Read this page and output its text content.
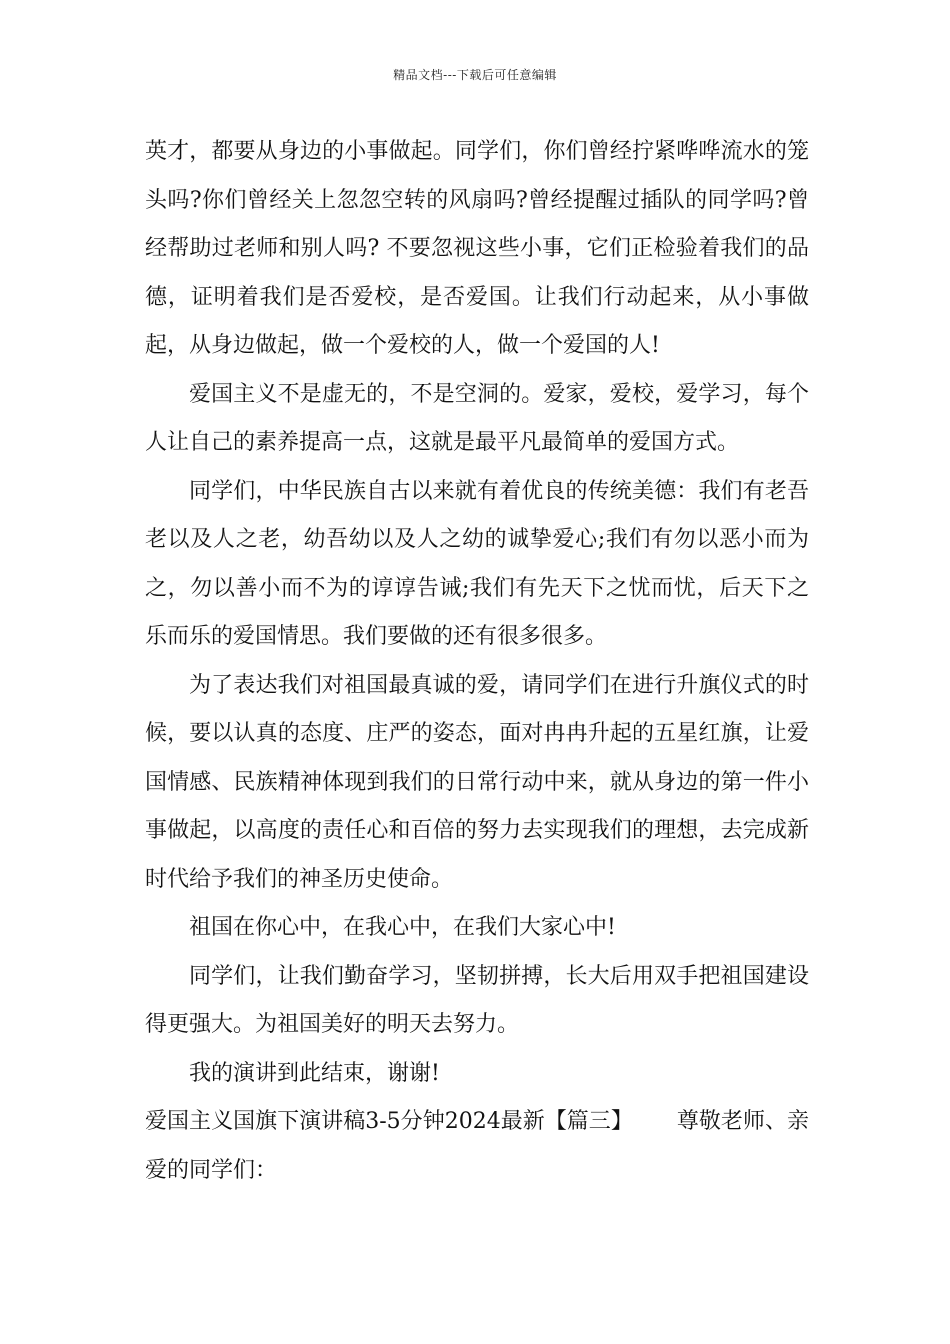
精品文档---下载后可任意编辑

英才，都要从身边的小事做起。同学们，你们曾经拧紧哗哗流水的笼头吗?你们曾经关上忽忽空转的风扇吗?曾经提醒过插队的同学吗?曾经帮助过老师和别人吗? 不要忽视这些小事，它们正检验着我们的品德，证明着我们是否爱校，是否爱国。让我们行动起来，从小事做起，从身边做起，做一个爱校的人，做一个爱国的人!

爱国主义不是虚无的，不是空洞的。爱家，爱校，爱学习，每个人让自己的素养提高一点，这就是最平凡最简单的爱国方式。

同学们，中华民族自古以来就有着优良的传统美德：我们有老吾老以及人之老，幼吾幼以及人之幼的诚挚爱心;我们有勿以恶小而为之，勿以善小而不为的谆谆告诫;我们有先天下之忧而忧，后天下之乐而乐的爱国情思。我们要做的还有很多很多。

为了表达我们对祖国最真诚的爱，请同学们在进行升旗仪式的时候，要以认真的态度、庄严的姿态，面对冉冉升起的五星红旗，让爱国情感、民族精神体现到我们的日常行动中来，就从身边的第一件小事做起，以高度的责任心和百倍的努力去实现我们的理想，去完成新时代给予我们的神圣历史使命。

祖国在你心中，在我心中，在我们大家心中!

同学们，让我们勤奋学习，坚韧拼搏，长大后用双手把祖国建设得更强大。为祖国美好的明天去努力。

我的演讲到此结束，谢谢!

爱国主义国旗下演讲稿3-5分钟2024最新【篇三】 尊敬老师、亲爱的同学们：
